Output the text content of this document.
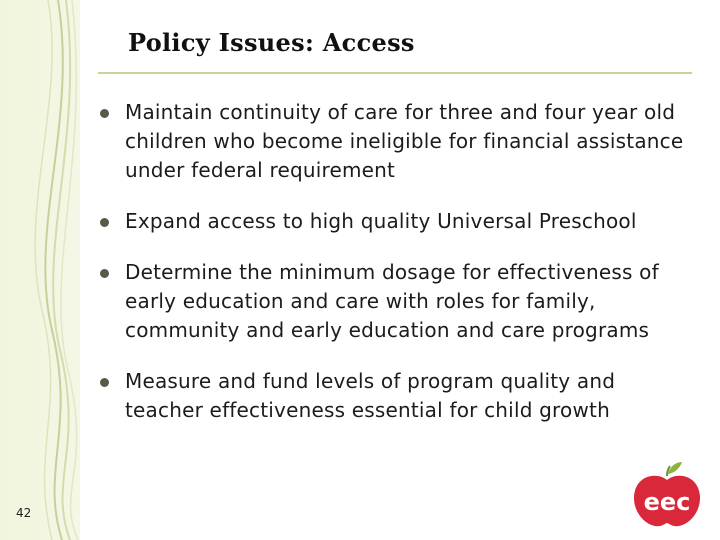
Policy Issues: Access
Maintain continuity of care for three and four year old children who become ineligible for financial assistance under federal requirement
Expand access to high quality Universal Preschool
Determine the minimum dosage for effectiveness of early education and care with roles for family, community and early education and care programs
Measure and fund levels of program quality and teacher effectiveness essential for child growth
42	eec
